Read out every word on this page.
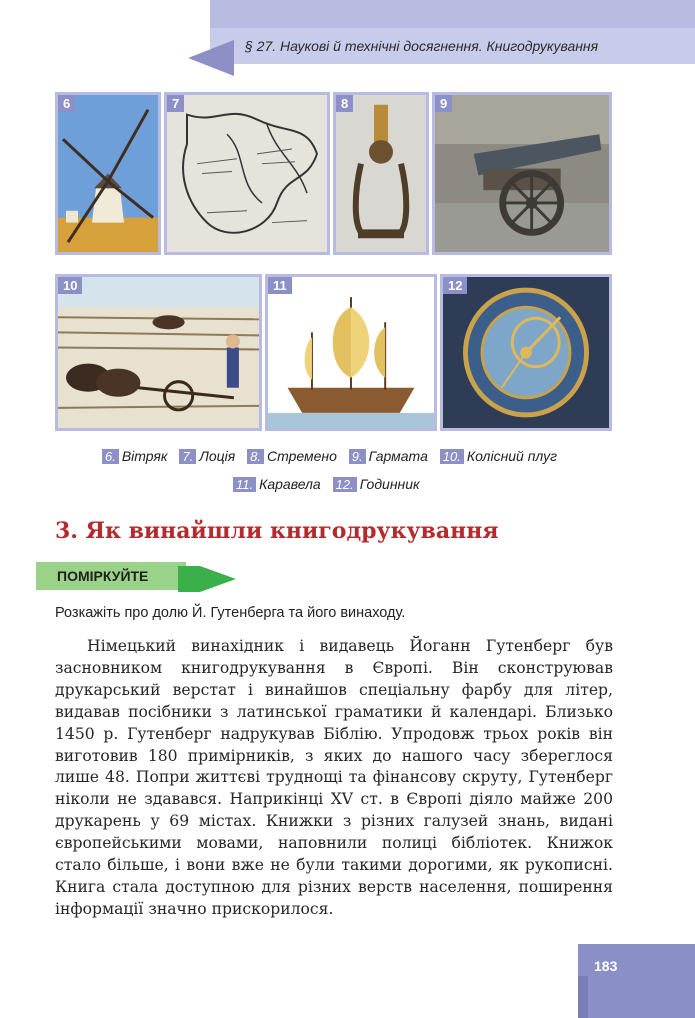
§ 27. Наукові й технічні досягнення. Книгодрукування
6	7	8	9
10	11	12
6. Вітряк 7. Лоція 8. Стремено 9. Гармата 10. Колісний плуг
11. Каравела 12. Годинник
3. Як винайшли книгодрукування
ПОМІРКУЙТЕ
Розкажіть про долю Й. Гутенберга та його винаходу.
Німецький винахідник і видавець Йоганн Гутенберг був засновником книгодрукування в Європі. Він сконструював друкарський верстат і винайшов спеціальну фарбу для літер, видавав посібники з латинської граматики й календарі. Близько 1450 р. Гутенберг надрукував Біблію. Упродовж трьох років він виготовив 180 примірників, з яких до нашого часу збереглося лише 48. Попри життєві труднощі та фінансову скруту, Гутенберг ніколи не здавався. Наприкінці XV ст. в Європі діяло майже 200 друкарень у 69 містах. Книжки з різних галузей знань, видані європейськими мовами, наповнили полиці бібліотек. Книжок стало більше, і вони вже не були такими дорогими, як рукописні. Книга стала доступною для різних верств населення, поширення інформації значно прискорилося.
183
